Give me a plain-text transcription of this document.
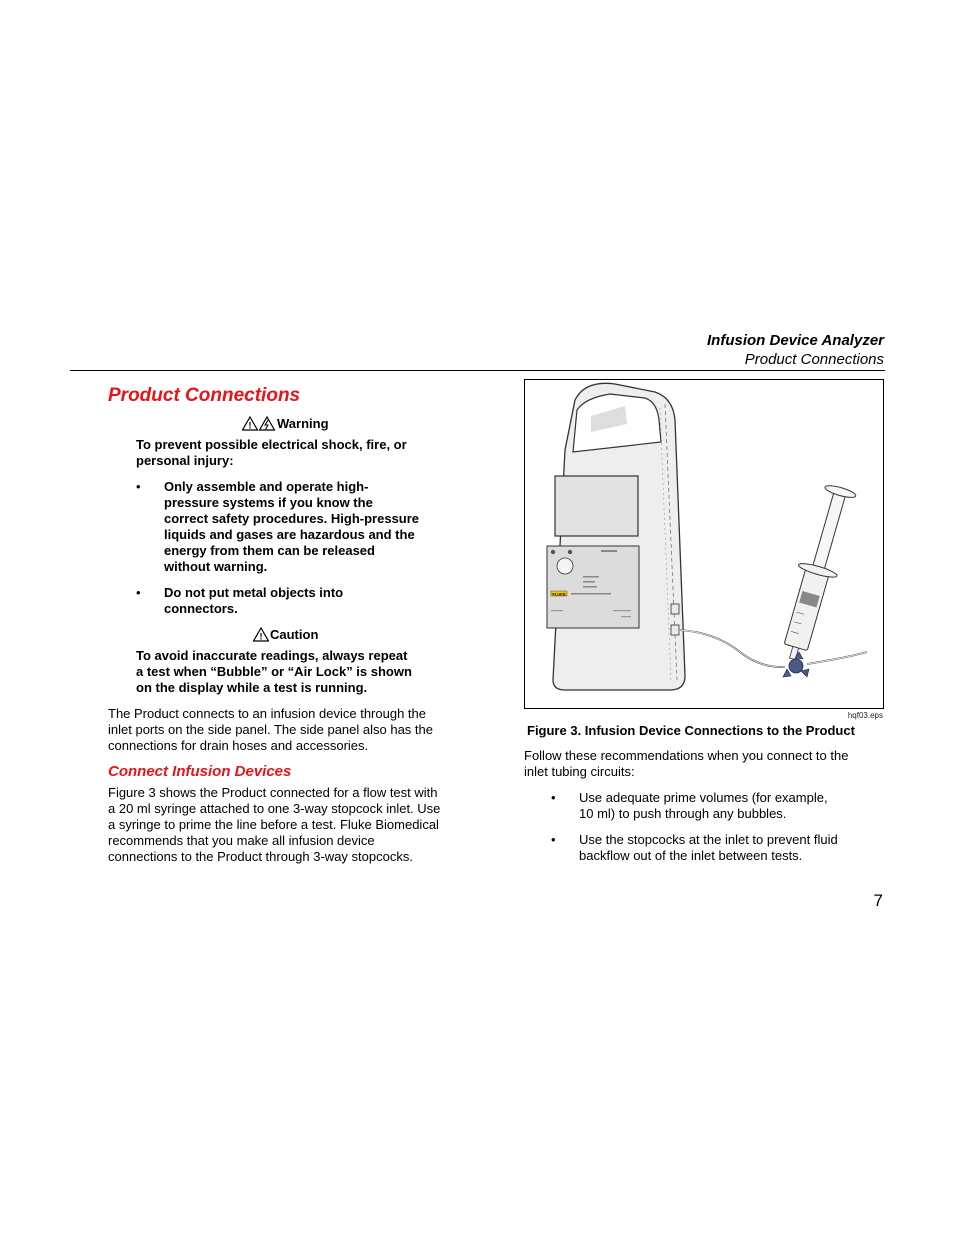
Infusion Device Analyzer
Product Connections
Product Connections
! Warning
To prevent possible electrical shock, fire, or
personal injury:
• Only assemble and operate high-
pressure systems if you know the
correct safety procedures. High-pressure
liquids and gases are hazardous and the
energy from them can be released
without warning.
• Do not put metal objects into
connectors.
! Caution
To avoid inaccurate readings, always repeat
a test when “Bubble” or “Air Lock” is shown
on the display while a test is running.
The Product connects to an infusion device through the
inlet ports on the side panel. The side panel also has the
connections for drain hoses and accessories.
Connect Infusion Devices
Figure 3 shows the Product connected for a flow test with
a 20 ml syringe attached to one 3-way stopcock inlet. Use
a syringe to prime the line before a test. Fluke Biomedical
recommends that you make all infusion device
connections to the Product through 3-way stopcocks.
FLUKE
hqf03.eps
Figure 3. Infusion Device Connections to the Product
Follow these recommendations when you connect to the
inlet tubing circuits:
• Use adequate prime volumes (for example,
10 ml) to push through any bubbles.
• Use the stopcocks at the inlet to prevent fluid
backflow out of the inlet between tests.
7
